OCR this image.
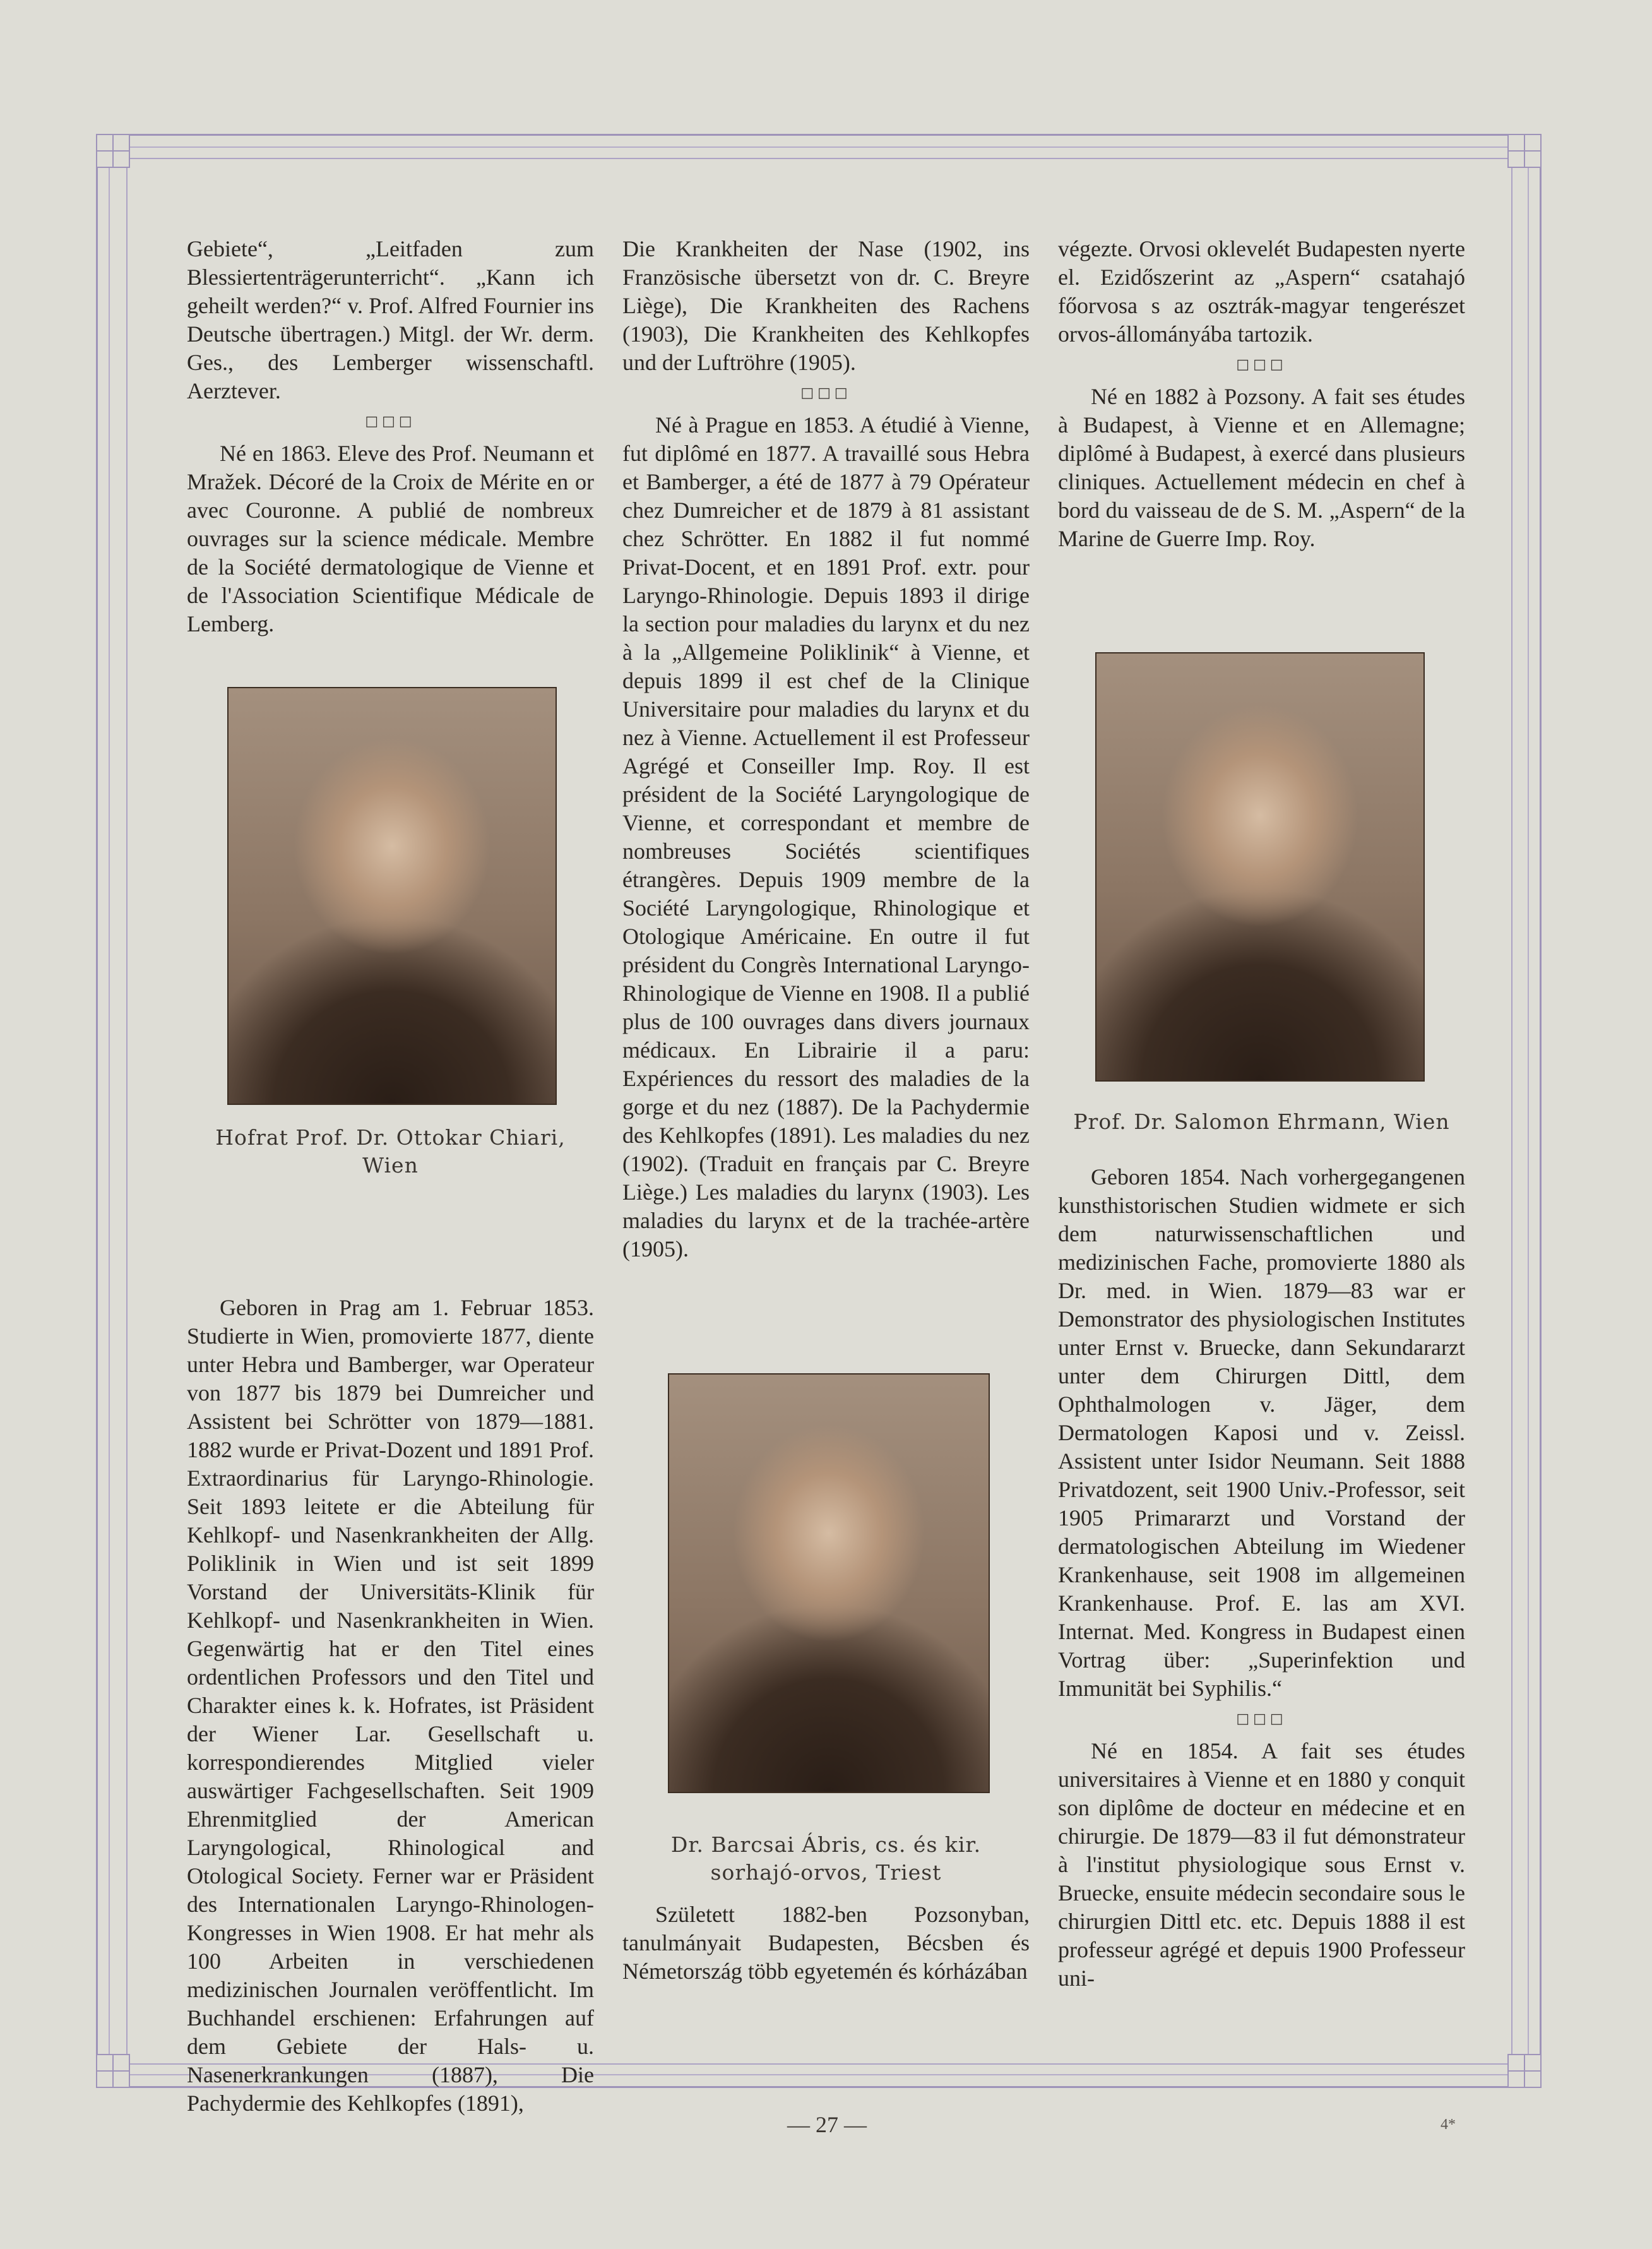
Gebiete“, „Leitfaden zum Blessiertenträgerunterricht“. „Kann ich geheilt werden?“ v. Prof. Alfred Fournier ins Deutsche übertragen.) Mitgl. der Wr. derm. Ges., des Lemberger wissenschaftl. Aerztever.

□□□

Né en 1863. Eleve des Prof. Neumann et Mražek. Décoré de la Croix de Mérite en or avec Couronne. A publié de nombreux ouvrages sur la science médicale. Membre de la Société dermatologique de Vienne et de l'Association Scientifique Médicale de Lemberg.

Geboren in Prag am 1. Februar 1853. Studierte in Wien, promovierte 1877, diente unter Hebra und Bamberger, war Operateur von 1877 bis 1879 bei Dumreicher und Assistent bei Schrötter von 1879—1881. 1882 wurde er Privat-Dozent und 1891 Prof. Extraordinarius für Laryngo-Rhinologie. Seit 1893 leitete er die Abteilung für Kehlkopf- und Nasenkrankheiten der Allg. Poliklinik in Wien und ist seit 1899 Vorstand der Universitäts-Klinik für Kehlkopf- und Nasenkrankheiten in Wien. Gegenwärtig hat er den Titel eines ordentlichen Professors und den Titel und Charakter eines k. k. Hofrates, ist Präsident der Wiener Lar. Gesellschaft u. korrespondierendes Mitglied vieler auswärtiger Fachgesellschaften. Seit 1909 Ehrenmitglied der American Laryngological, Rhinological and Otological Society. Ferner war er Präsident des Internationalen Laryngo-Rhinologen-Kongresses in Wien 1908. Er hat mehr als 100 Arbeiten in verschiedenen medizinischen Journalen veröffentlicht. Im Buchhandel erschienen: Erfahrungen auf dem Gebiete der Hals- u. Nasenerkrankungen (1887), Die Pachydermie des Kehlkopfes (1891),

Hofrat Prof. Dr. Ottokar Chiari, Wien

Die Krankheiten der Nase (1902, ins Französische übersetzt von dr. C. Breyre Liège), Die Krankheiten des Rachens (1903), Die Krankheiten des Kehlkopfes und der Luftröhre (1905).

□□□

Né à Prague en 1853. A étudié à Vienne, fut diplômé en 1877. A travaillé sous Hebra et Bamberger, a été de 1877 à 79 Opérateur chez Dumreicher et de 1879 à 81 assistant chez Schrötter. En 1882 il fut nommé Privat-Docent, et en 1891 Prof. extr. pour Laryngo-Rhinologie. Depuis 1893 il dirige la section pour maladies du larynx et du nez à la „Allgemeine Poliklinik“ à Vienne, et depuis 1899 il est chef de la Clinique Universitaire pour maladies du larynx et du nez à Vienne. Actuellement il est Professeur Agrégé et Conseiller Imp. Roy. Il est président de la Société Laryngologique de Vienne, et correspondant et membre de nombreuses Sociétés scientifiques étrangères. Depuis 1909 membre de la Société Laryngologique, Rhinologique et Otologique Américaine. En outre il fut président du Congrès International Laryngo-Rhinologique de Vienne en 1908. Il a publié plus de 100 ouvrages dans divers journaux médicaux. En Librairie il a paru: Expériences du ressort des maladies de la gorge et du nez (1887). De la Pachydermie des Kehlkopfes (1891). Les maladies du nez (1902). (Traduit en français par C. Breyre Liège.) Les maladies du larynx (1903). Les maladies du larynx et de la trachée-artère (1905).

Dr. Barcsai Ábris, cs. és kir. sorhajó-orvos, Triest

Született 1882-ben Pozsonyban, tanulmányait Budapesten, Bécsben és Németország több egyetemén és kórházában

végezte. Orvosi oklevelét Budapesten nyerte el. Ezidőszerint az „Aspern“ csatahajó főorvosa s az osztrák-magyar tengerészet orvos-állományába tartozik.

□□□

Né en 1882 à Pozsony. A fait ses études à Budapest, à Vienne et en Allemagne; diplômé à Budapest, à exercé dans plusieurs cliniques. Actuellement médecin en chef à bord du vaisseau de de S. M. „Aspern“ de la Marine de Guerre Imp. Roy.

Prof. Dr. Salomon Ehrmann, Wien

Geboren 1854. Nach vorhergegangenen kunsthistorischen Studien widmete er sich dem naturwissenschaftlichen und medizinischen Fache, promovierte 1880 als Dr. med. in Wien. 1879—83 war er Demonstrator des physiologischen Institutes unter Ernst v. Bruecke, dann Sekundararzt unter dem Chirurgen Dittl, dem Ophthalmologen v. Jäger, dem Dermatologen Kaposi und v. Zeissl. Assistent unter Isidor Neumann. Seit 1888 Privatdozent, seit 1900 Univ.-Professor, seit 1905 Primararzt und Vorstand der dermatologischen Abteilung im Wiedener Krankenhause, seit 1908 im allgemeinen Krankenhause. Prof. E. las am XVI. Internat. Med. Kongress in Budapest einen Vortrag über: „Superinfektion und Immunität bei Syphilis.“

□□□

Né en 1854. A fait ses études universitaires à Vienne et en 1880 y conquit son diplôme de docteur en médecine et en chirurgie. De 1879—83 il fut démonstrateur à l'institut physiologique sous Ernst v. Bruecke, ensuite médecin secondaire sous le chirurgien Dittl etc. etc. Depuis 1888 il est professeur agrégé et depuis 1900 Professeur uni-

— 27 —	4*
